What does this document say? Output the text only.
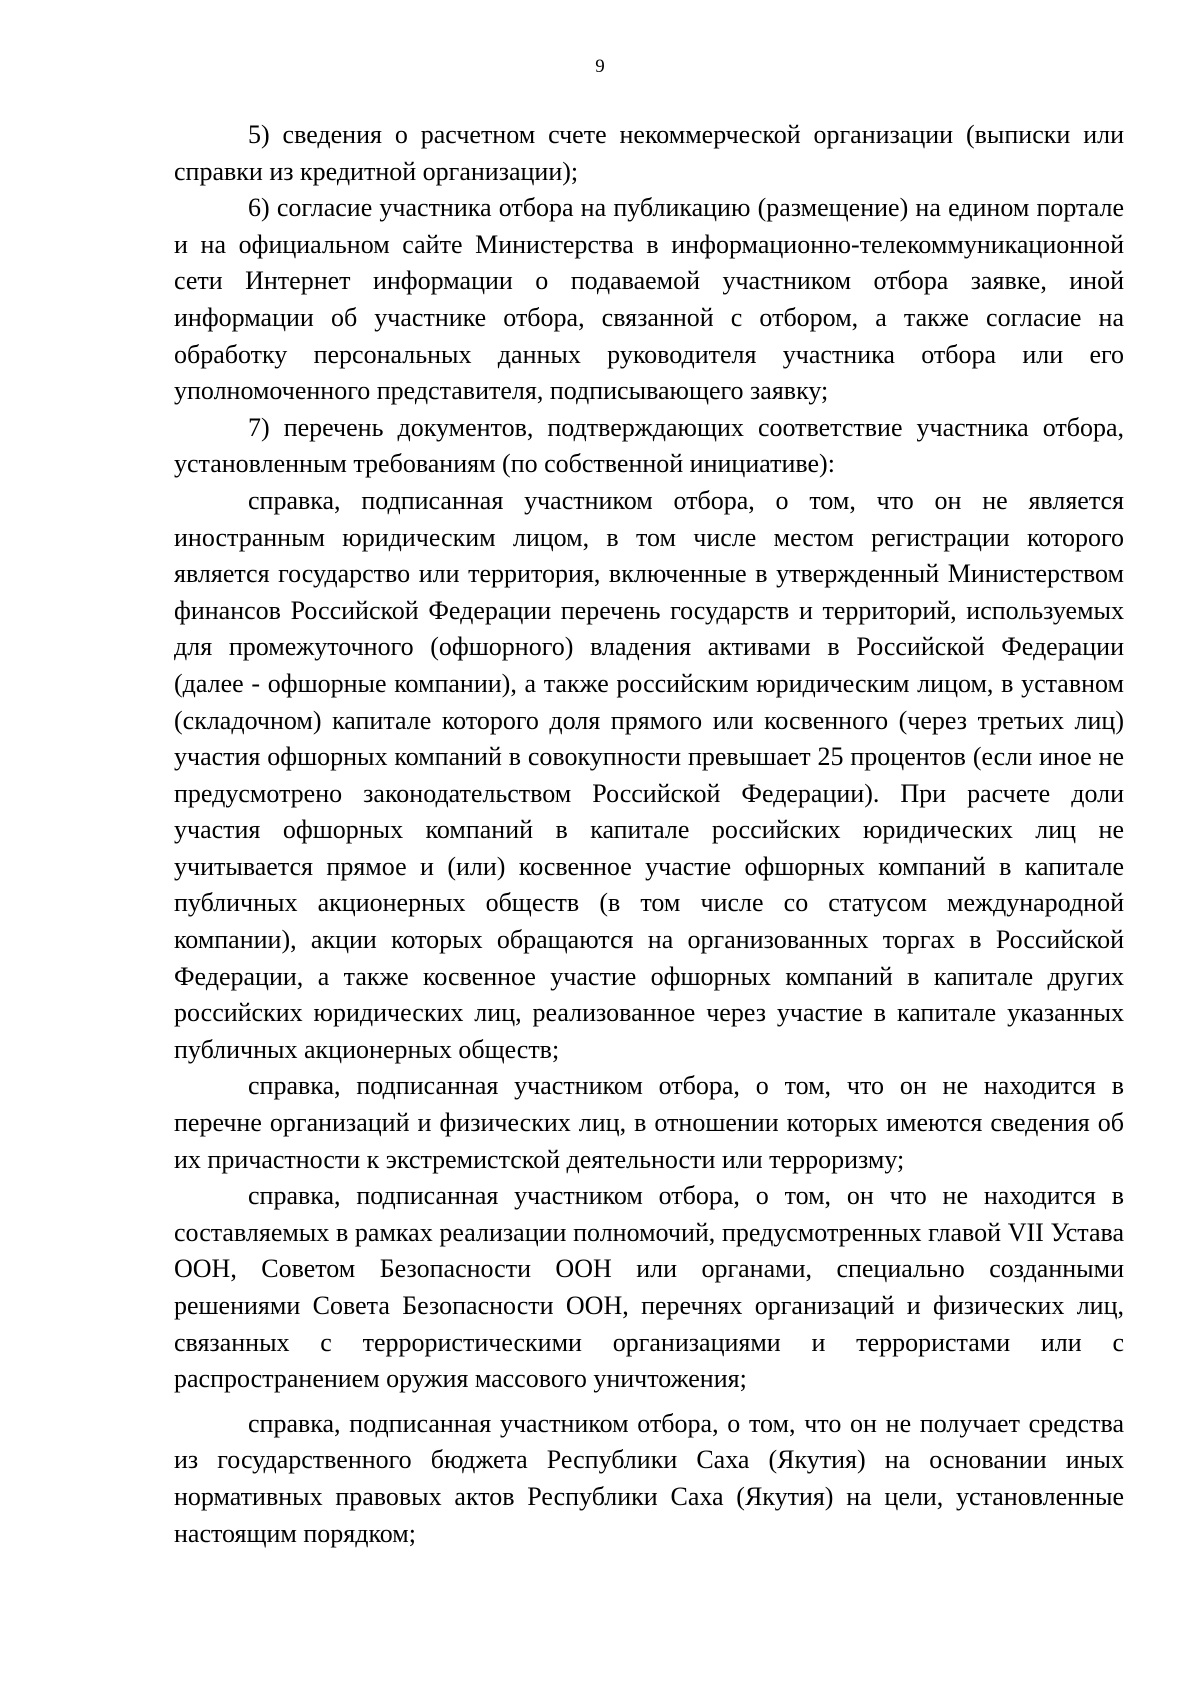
9

5) сведения о расчетном счете некоммерческой организации (выписки или справки из кредитной организации);

6) согласие участника отбора на публикацию (размещение) на едином портале и на официальном сайте Министерства в информационно-телекоммуникационной сети Интернет информации о подаваемой участником отбора заявке, иной информации об участнике отбора, связанной с отбором, а также согласие на обработку персональных данных руководителя участника отбора или его уполномоченного представителя, подписывающего заявку;

7) перечень документов, подтверждающих соответствие участника отбора, установленным требованиям (по собственной инициативе):

справка, подписанная участником отбора, о том, что он не является иностранным юридическим лицом, в том числе местом регистрации которого является государство или территория, включенные в утвержденный Министерством финансов Российской Федерации перечень государств и территорий, используемых для промежуточного (офшорного) владения активами в Российской Федерации (далее - офшорные компании), а также российским юридическим лицом, в уставном (складочном) капитале которого доля прямого или косвенного (через третьих лиц) участия офшорных компаний в совокупности превышает 25 процентов (если иное не предусмотрено законодательством Российской Федерации). При расчете доли участия офшорных компаний в капитале российских юридических лиц не учитывается прямое и (или) косвенное участие офшорных компаний в капитале публичных акционерных обществ (в том числе со статусом международной компании), акции которых обращаются на организованных торгах в Российской Федерации, а также косвенное участие офшорных компаний в капитале других российских юридических лиц, реализованное через участие в капитале указанных публичных акционерных обществ;

справка, подписанная участником отбора, о том, что он не находится в перечне организаций и физических лиц, в отношении которых имеются сведения об их причастности к экстремистской деятельности или терроризму;

справка, подписанная участником отбора, о том, он что не находится в составляемых в рамках реализации полномочий, предусмотренных главой VII Устава ООН, Советом Безопасности ООН или органами, специально созданными решениями Совета Безопасности ООН, перечнях организаций и физических лиц, связанных с террористическими организациями и террористами или с распространением оружия массового уничтожения;

справка, подписанная участником отбора, о том, что он не получает средства из государственного бюджета Республики Саха (Якутия) на основании иных нормативных правовых актов Республики Саха (Якутия) на цели, установленные настоящим порядком;
